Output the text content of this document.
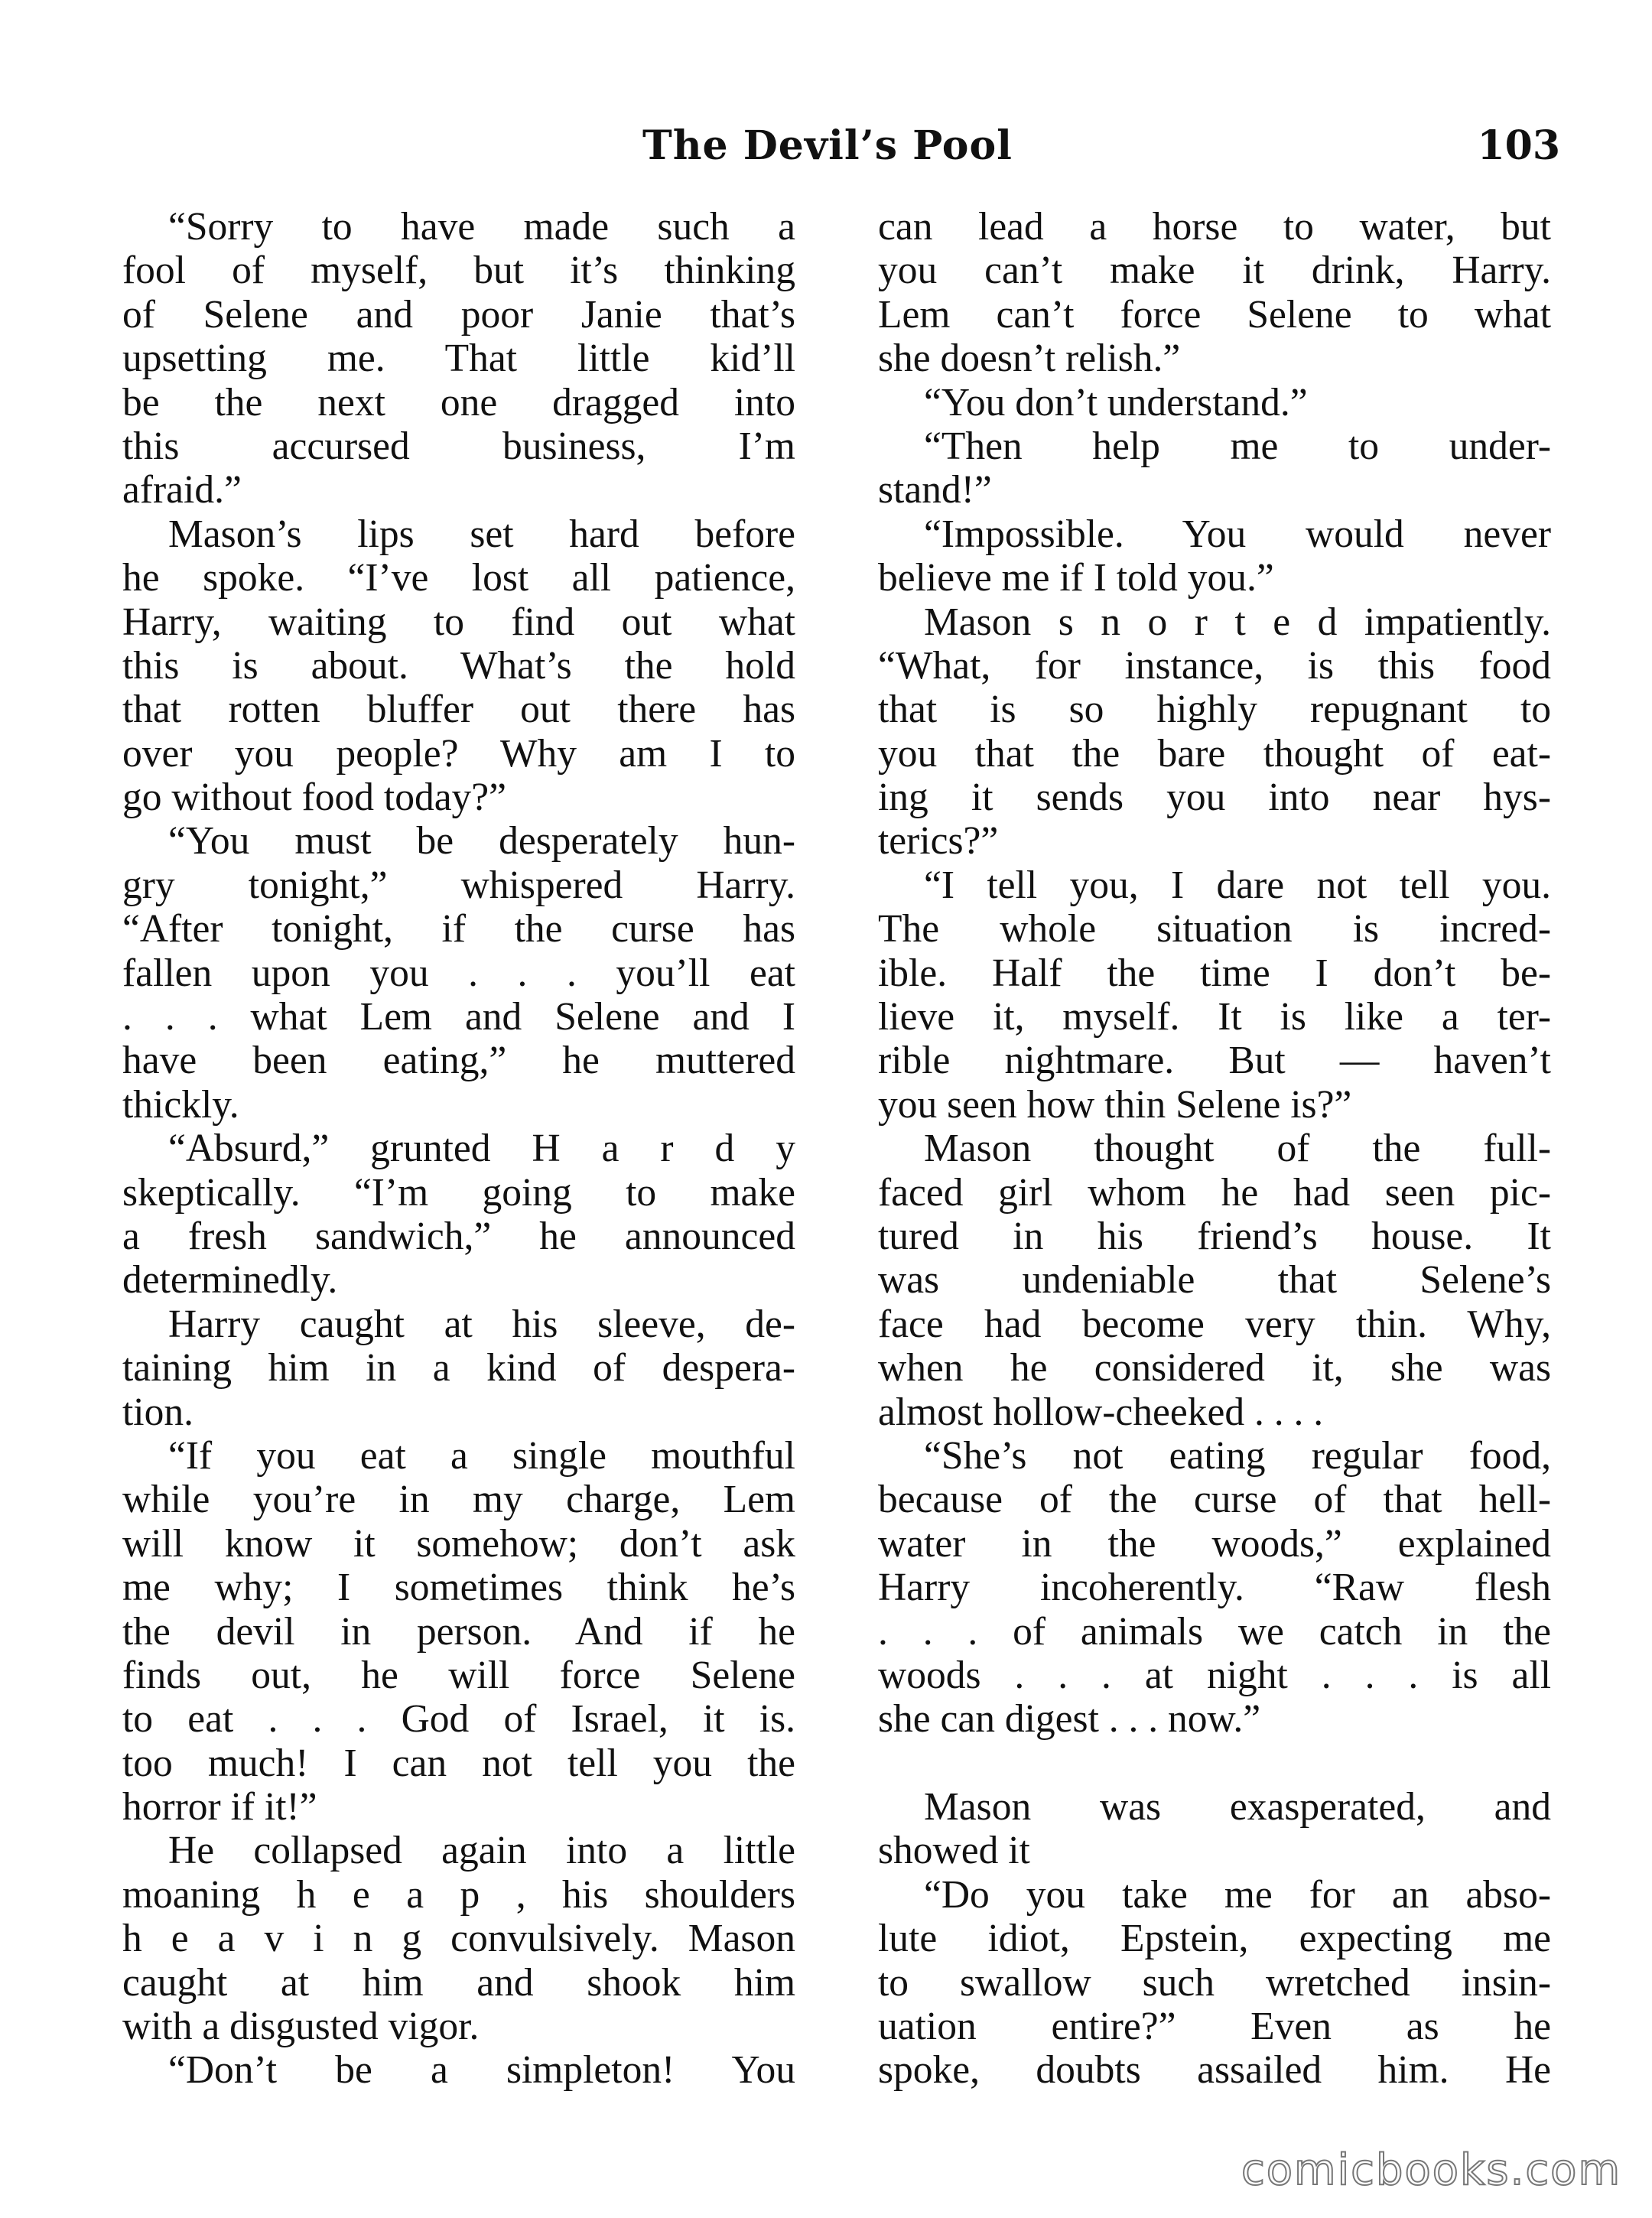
The Devil’s Pool	103
“Sorry to have made such a
fool of myself, but it’s thinking
of Selene and poor Janie that’s
upsetting me. That little kid’ll
be the next one dragged into
this accursed business, I’m
afraid.”
Mason’s lips set hard before
he spoke. “I’ve lost all patience,
Harry, waiting to find out what
this is about. What’s the hold
that rotten bluffer out there has
over you people? Why am I to
go without food today?”
“You must be desperately hun-
gry tonight,” whispered Harry.
“After tonight, if the curse has
fallen upon you . . . you’ll eat
. . . what Lem and Selene and I
have been eating,” he muttered
thickly.
“Absurd,” grunted H a r d y
skeptically. “I’m going to make
a fresh sandwich,” he announced
determinedly.
Harry caught at his sleeve, de-
taining him in a kind of despera-
tion.
“If you eat a single mouthful
while you’re in my charge, Lem
will know it somehow; don’t ask
me why; I sometimes think he’s
the devil in person. And if he
finds out, he will force Selene
to eat . . . God of Israel, it is.
too much! I can not tell you the
horror if it!”
He collapsed again into a little
moaning h e a p , his shoulders
h e a v i n g convulsively. Mason
caught at him and shook him
with a disgusted vigor.
“Don’t be a simpleton! You
can lead a horse to water, but
you can’t make it drink, Harry.
Lem can’t force Selene to what
she doesn’t relish.”
“You don’t understand.”
“Then help me to under-
stand!”
“Impossible. You would never
believe me if I told you.”
Mason s n o r t e d impatiently.
“What, for instance, is this food
that is so highly repugnant to
you that the bare thought of eat-
ing it sends you into near hys-
terics?”
“I tell you, I dare not tell you.
The whole situation is incred-
ible. Half the time I don’t be-
lieve it, myself. It is like a ter-
rible nightmare. But — haven’t
you seen how thin Selene is?”
Mason thought of the full-
faced girl whom he had seen pic-
tured in his friend’s house. It
was undeniable that Selene’s
face had become very thin. Why,
when he considered it, she was
almost hollow-cheeked . . . .
“She’s not eating regular food,
because of the curse of that hell-
water in the woods,” explained
Harry incoherently. “Raw flesh
. . . of animals we catch in the
woods . . . at night . . . is all
she can digest . . . now.”
Mason was exasperated, and
showed it
“Do you take me for an abso-
lute idiot, Epstein, expecting me
to swallow such wretched insin-
uation entire?” Even as he
spoke, doubts assailed him. He
comicbooks.com
